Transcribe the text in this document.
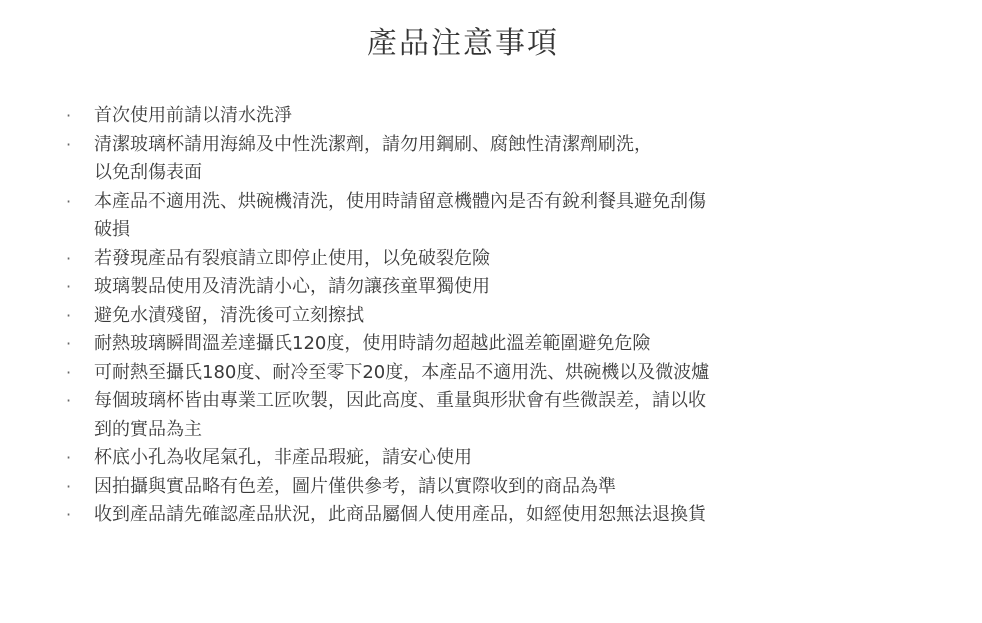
產品注意事項
· 首次使用前請以清水洗淨
· 清潔玻璃杯請用海綿及中性洗潔劑，請勿用鋼刷、腐蝕性清潔劑刷洗，
以免刮傷表面
· 本產品不適用洗、烘碗機清洗，使用時請留意機體內是否有銳利餐具避免刮傷
破損
· 若發現產品有裂痕請立即停止使用，以免破裂危險
· 玻璃製品使用及清洗請小心，請勿讓孩童單獨使用
· 避免水漬殘留，清洗後可立刻擦拭
· 耐熱玻璃瞬間溫差達攝氏120度，使用時請勿超越此溫差範圍避免危險
· 可耐熱至攝氏180度、耐冷至零下20度，本產品不適用洗、烘碗機以及微波爐
· 每個玻璃杯皆由專業工匠吹製，因此高度、重量與形狀會有些微誤差，請以收
到的實品為主
· 杯底小孔為收尾氣孔，非產品瑕疵，請安心使用
· 因拍攝與實品略有色差，圖片僅供參考，請以實際收到的商品為準
· 收到產品請先確認產品狀況，此商品屬個人使用產品，如經使用恕無法退換貨
